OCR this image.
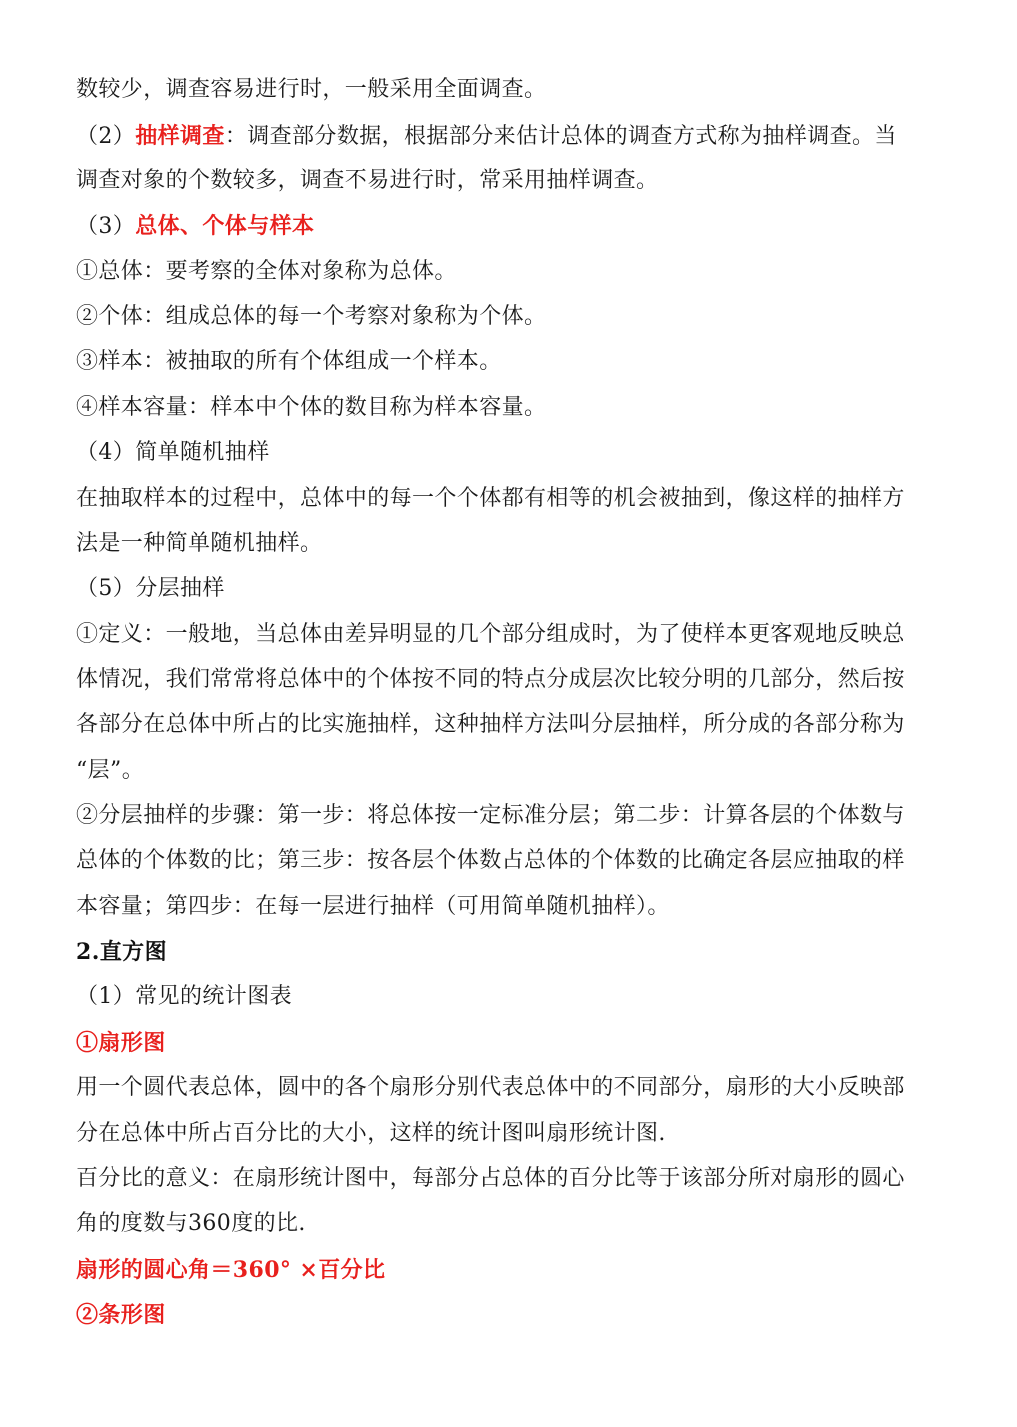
数较少，调查容易进行时，一般采用全面调查。
（2）抽样调查：调查部分数据，根据部分来估计总体的调查方式称为抽样调查。当
调查对象的个数较多，调查不易进行时，常采用抽样调查。
（3）总体、个体与样本
①总体：要考察的全体对象称为总体。
②个体：组成总体的每一个考察对象称为个体。
③样本：被抽取的所有个体组成一个样本。
④样本容量：样本中个体的数目称为样本容量。
（4）简单随机抽样
在抽取样本的过程中，总体中的每一个个体都有相等的机会被抽到，像这样的抽样方
法是一种简单随机抽样。
（5）分层抽样
①定义：一般地，当总体由差异明显的几个部分组成时，为了使样本更客观地反映总
体情况，我们常常将总体中的个体按不同的特点分成层次比较分明的几部分，然后按
各部分在总体中所占的比实施抽样，这种抽样方法叫分层抽样，所分成的各部分称为
“层”。
②分层抽样的步骤：第一步：将总体按一定标准分层；第二步：计算各层的个体数与
总体的个体数的比；第三步：按各层个体数占总体的个体数的比确定各层应抽取的样
本容量；第四步：在每一层进行抽样（可用简单随机抽样）。
2.直方图
（1）常见的统计图表
①扇形图
用一个圆代表总体，圆中的各个扇形分别代表总体中的不同部分，扇形的大小反映部
分在总体中所占百分比的大小，这样的统计图叫扇形统计图.
百分比的意义：在扇形统计图中，每部分占总体的百分比等于该部分所对扇形的圆心
角的度数与360度的比.
扇形的圆心角＝360° ×百分比
②条形图
